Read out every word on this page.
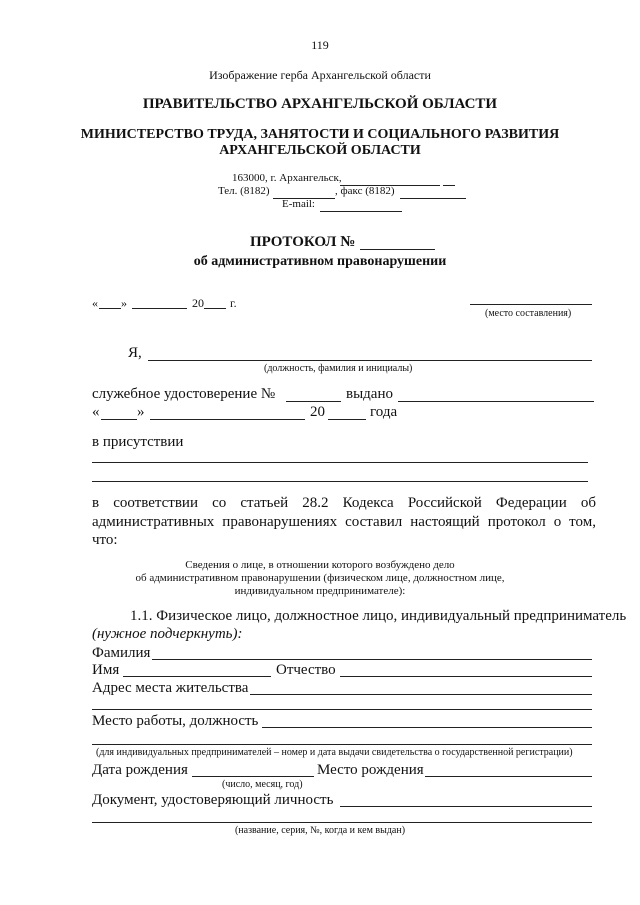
119
Изображение герба Архангельской области
ПРАВИТЕЛЬСТВО АРХАНГЕЛЬСКОЙ ОБЛАСТИ
МИНИСТЕРСТВО ТРУДА, ЗАНЯТОСТИ И СОЦИАЛЬНОГО РАЗВИТИЯ
АРХАНГЕЛЬСКОЙ ОБЛАСТИ
163000, г. Архангельск,
Тел. (8182)	, факс (8182)
E-mail:
ПРОТОКОЛ №
об административном правонарушении
« »	20 г.
(место составления)
Я,
(должность, фамилия и инициалы)
служебное удостоверение №	выдано
«	»	20	года
в присутствии
в соответствии со статьей 28.2 Кодекса Российской Федерации об
административных правонарушениях составил настоящий протокол о том,
что:
Сведения о лице, в отношении которого возбуждено дело
об административном правонарушении (физическом лице, должностном лице,
индивидуальном предпринимателе):
1.1. Физическое лицо, должностное лицо, индивидуальный предприниматель
(нужное подчеркнуть):
Фамилия
Имя	Отчество
Адрес места жительства
Место работы, должность
(для индивидуальных предпринимателей – номер и дата выдачи свидетельства о государственной регистрации)
Дата рождения	Место рождения
(число, месяц, год)
Документ, удостоверяющий личность
(название, серия, №, когда и кем выдан)
